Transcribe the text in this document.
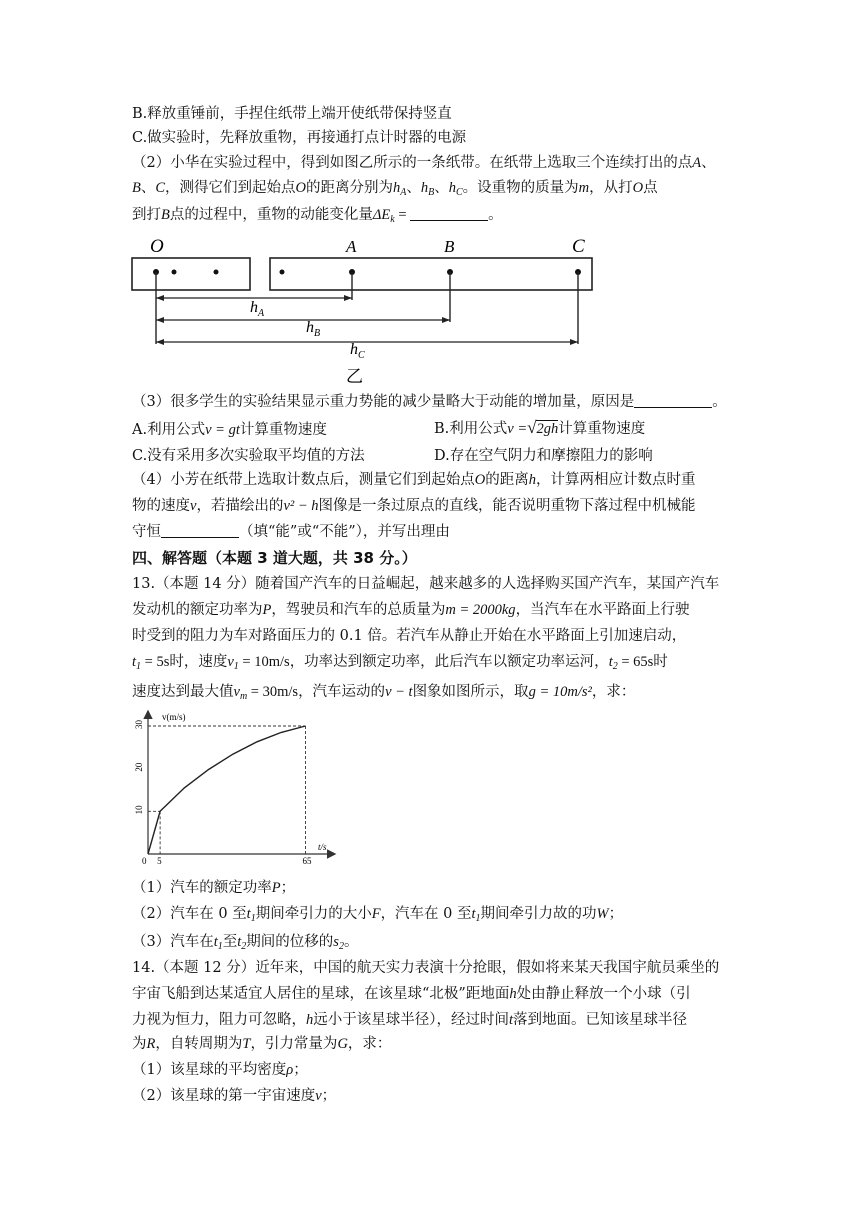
B.释放重锤前，手捏住纸带上端开使纸带保持竖直
C.做实验时，先释放重物，再接通打点计时器的电源
（2）小华在实验过程中，得到如图乙所示的一条纸带。在纸带上选取三个连续打出的点A、
B、C，测得它们到起始点O的距离分别为$h_A$、$h_B$、$h_C$。设重物的质量为m，从打O点
到打B点的过程中，重物的动能变化量$\Delta E_k$ =	。
O	A	B	C
$h_A$
$h_B$
$h_C$
乙
（3）很多学生的实验结果显示重力势能的减少量略大于动能的增加量，原因是	。
A.利用公式v = gt计算重物速度	B.利用公式v =√2gh计算重物速度
C.没有采用多次实验取平均值的方法	D.存在空气阴力和摩擦阻力的影响
（4）小芳在纸带上选取计数点后，测量它们到起始点O的距离h，计算两相应计数点时重
物的速度v，若描绘出的v² − h图像是一条过原点的直线，能否说明重物下落过程中机械能
守恒	（填“能”或“不能”），并写出理由
四、解答题（本题 3 道大题，共 38 分。）
13.（本题 14 分）随着国产汽车的日益崛起，越来越多的人选择购买国产汽车，某国产汽车
发动机的额定功率为P，驾驶员和汽车的总质量为m = 2000kg，当汽车在水平路面上行驶
时受到的阻力为车对路面压力的 0.1 倍。若汽车从静止开始在水平路面上引加速启动，
$t_1 = 5s$时，速度$v_1 = 10m/s$，功率达到额定功率，此后汽车以额定功率运河，$t_2 = 65s$时
速度达到最大值$v_m = 30m/s$，汽车运动的v − t图象如图所示，取g = 10m/s²，求：
v(m/s)
t/s
10
20
30
0 5	65
（1）汽车的额定功率P；
（2）汽车在 0 至$t_1$期间牵引力的大小F，汽车在 0 至$t_1$期间牵引力故的功W；
（3）汽车在$t_1$至$t_2$期间的位移的$s_2$。
14.（本题 12 分）近年来，中国的航天实力表演十分抢眼，假如将来某天我国宇航员乘坐的
宇宙飞船到达某适宜人居住的星球，在该星球“北极”距地面h处由静止释放一个小球（引
力视为恒力，阻力可忽略，h远小于该星球半径），经过时间t落到地面。已知该星球半径
为R，自转周期为T，引力常量为G，求：
（1）该星球的平均密度ρ；
（2）该星球的第一宇宙速度v；
